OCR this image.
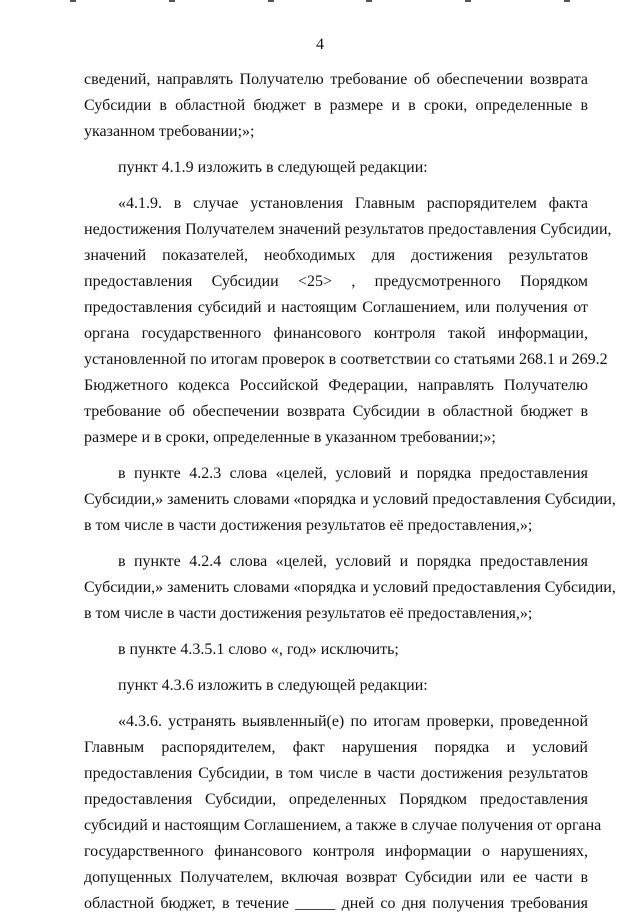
4
сведений, направлять Получателю требование об обеспечении возврата
Субсидии в областной бюджет в размере и в сроки, определенные в
указанном требовании;»;
пункт 4.1.9 изложить в следующей редакции:
«4.1.9. в случае установления Главным распорядителем факта
недостижения Получателем значений результатов предоставления Субсидии,
значений показателей, необходимых для достижения результатов
предоставления Субсидии <25> , предусмотренного Порядком
предоставления субсидий и настоящим Соглашением, или получения от
органа государственного финансового контроля такой информации,
установленной по итогам проверок в соответствии со статьями 268.1 и 269.2
Бюджетного кодекса Российской Федерации, направлять Получателю
требование об обеспечении возврата Субсидии в областной бюджет в
размере и в сроки, определенные в указанном требовании;»;
в пункте 4.2.3 слова «целей, условий и порядка предоставления
Субсидии,» заменить словами «порядка и условий предоставления Субсидии,
в том числе в части достижения результатов её предоставления,»;
в пункте 4.2.4 слова «целей, условий и порядка предоставления
Субсидии,» заменить словами «порядка и условий предоставления Субсидии,
в том числе в части достижения результатов её предоставления,»;
в пункте 4.3.5.1 слово «, год» исключить;
пункт 4.3.6 изложить в следующей редакции:
«4.3.6. устранять выявленный(е) по итогам проверки, проведенной
Главным распорядителем, факт нарушения порядка и условий
предоставления Субсидии, в том числе в части достижения результатов
предоставления Субсидии, определенных Порядком предоставления
субсидий и настоящим Соглашением, а также в случае получения от органа
государственного финансового контроля информации о нарушениях,
допущенных Получателем, включая возврат Субсидии или ее части в
областной бюджет, в течение _____ дней со дня получения требования
